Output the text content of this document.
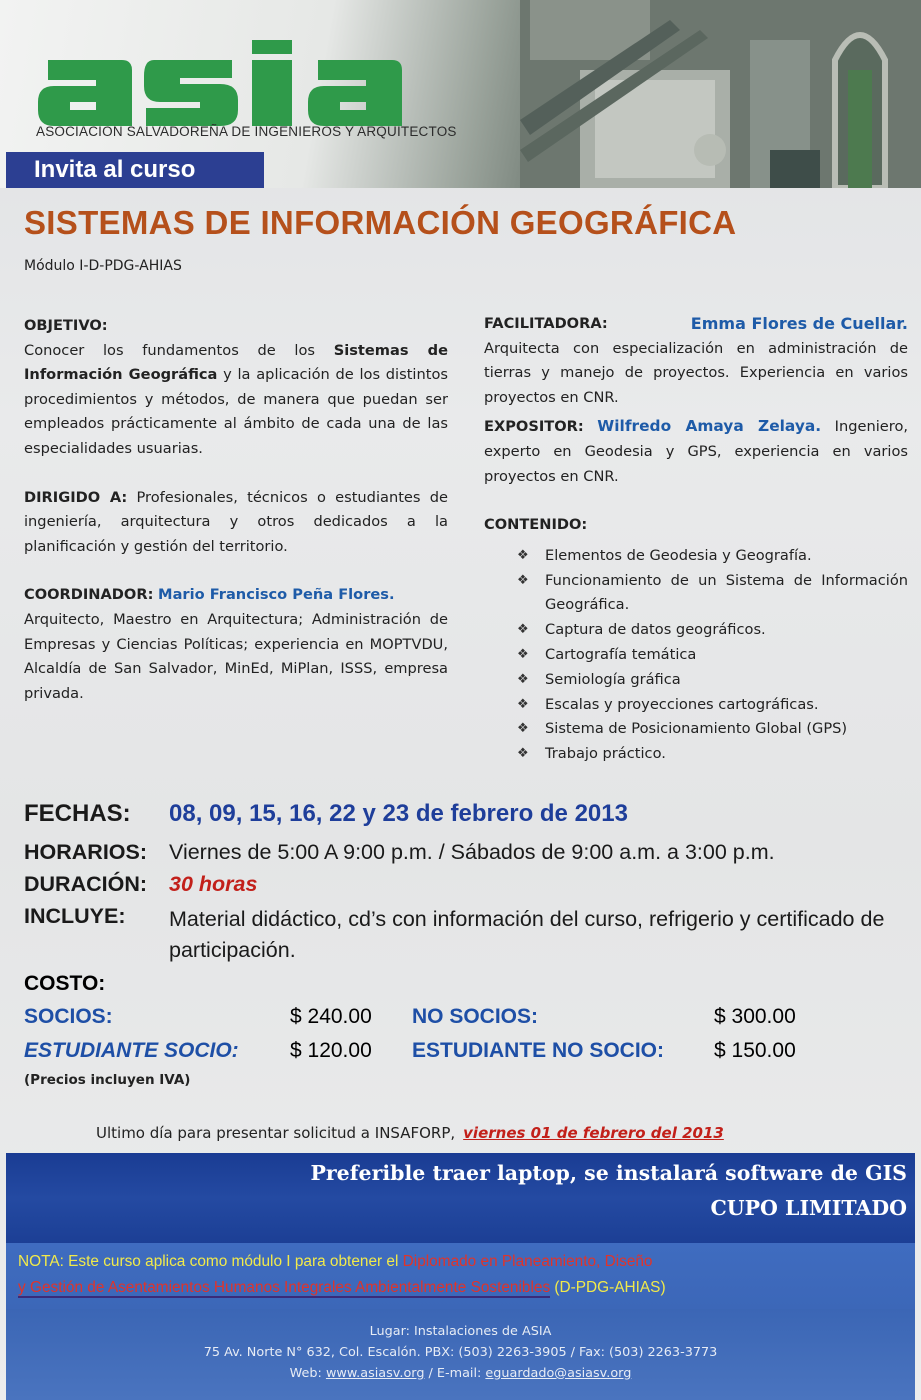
ASOCIACION SALVADOREÑA DE INGENIEROS Y ARQUITECTOS
Invita al curso
SISTEMAS DE INFORMACIÓN GEOGRÁFICA
Módulo I-D-PDG-AHIAS

OBJETIVO:

Conocer los fundamentos de los Sistemas de Información Geográfica y la aplicación de los distintos procedimientos y métodos, de manera que puedan ser empleados prácticamente al ámbito de cada una de las especialidades usuarias.

DIRIGIDO A: Profesionales, técnicos o estudiantes de ingeniería, arquitectura y otros dedicados a la planificación y gestión del territorio.

COORDINADOR: Mario Francisco Peña Flores.

Arquitecto, Maestro en Arquitectura; Administración de Empresas y Ciencias Políticas; experiencia en MOPTVDU, Alcaldía de San Salvador, MinEd, MiPlan, ISSS, empresa privada.

FACILITADORA:	Emma Flores de Cuellar.

Arquitecta con especialización en administración de tierras y manejo de proyectos. Experiencia en varios proyectos en CNR.

EXPOSITOR: Wilfredo Amaya Zelaya. Ingeniero, experto en Geodesia y GPS, experiencia en varios proyectos en CNR.

CONTENIDO:

❖ Elementos de Geodesia y Geografía.
❖ Funcionamiento de un Sistema de Información Geográfica.
❖ Captura de datos geográficos.
❖ Cartografía temática
❖ Semiología gráfica
❖ Escalas y proyecciones cartográficas.
❖ Sistema de Posicionamiento Global (GPS)
❖ Trabajo práctico.
FECHAS: 08, 09, 15, 16, 22 y 23 de febrero de 2013
HORARIOS: Viernes de 5:00 A 9:00 p.m. / Sábados de 9:00 a.m. a 3:00 p.m.
DURACIÓN: 30 horas
INCLUYE:	Material didáctico, cd’s con información del curso, refrigerio y certificado de participación.
COSTO:
SOCIOS:	$ 240.00 NO SOCIOS:	$ 300.00
ESTUDIANTE SOCIO: $ 120.00 ESTUDIANTE NO SOCIO: $ 150.00
(Precios incluyen IVA)
Ultimo día para presentar solicitud a INSAFORP, viernes 01 de febrero del 2013
Preferible traer laptop, se instalará software de GIS
CUPO LIMITADO
NOTA: Este curso aplica como módulo I para obtener el Diplomado en Planeamiento, Diseño
y Gestión de Asentamientos Humanos Integrales Ambientalmente Sostenibles (D-PDG-AHIAS)
Lugar: Instalaciones de ASIA
75 Av. Norte N° 632, Col. Escalón. PBX: (503) 2263-3905 / Fax: (503) 2263-3773
Web: www.asiasv.org / E-mail: eguardado@asiasv.org
